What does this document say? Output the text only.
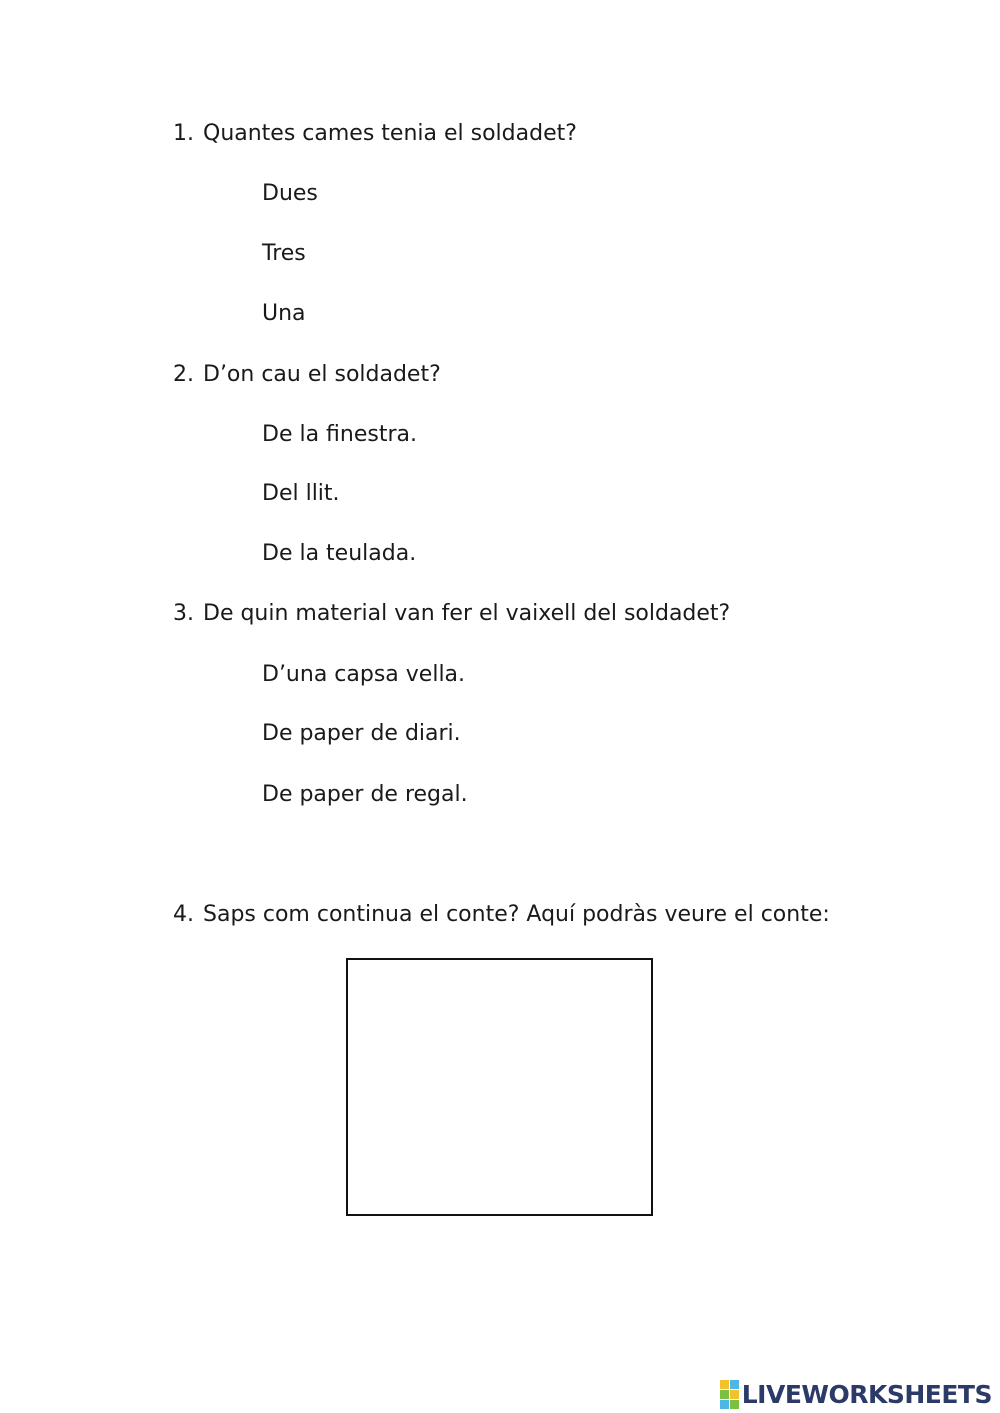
1. Quantes cames tenia el soldadet?
Dues
Tres
Una
2. D’on cau el soldadet?
De la finestra.
Del llit.
De la teulada.
3. De quin material van fer el vaixell del soldadet?
D’una capsa vella.
De paper de diari.
De paper de regal.
4. Saps com continua el conte? Aquí podràs veure el conte:
LIVEWORKSHEETS
